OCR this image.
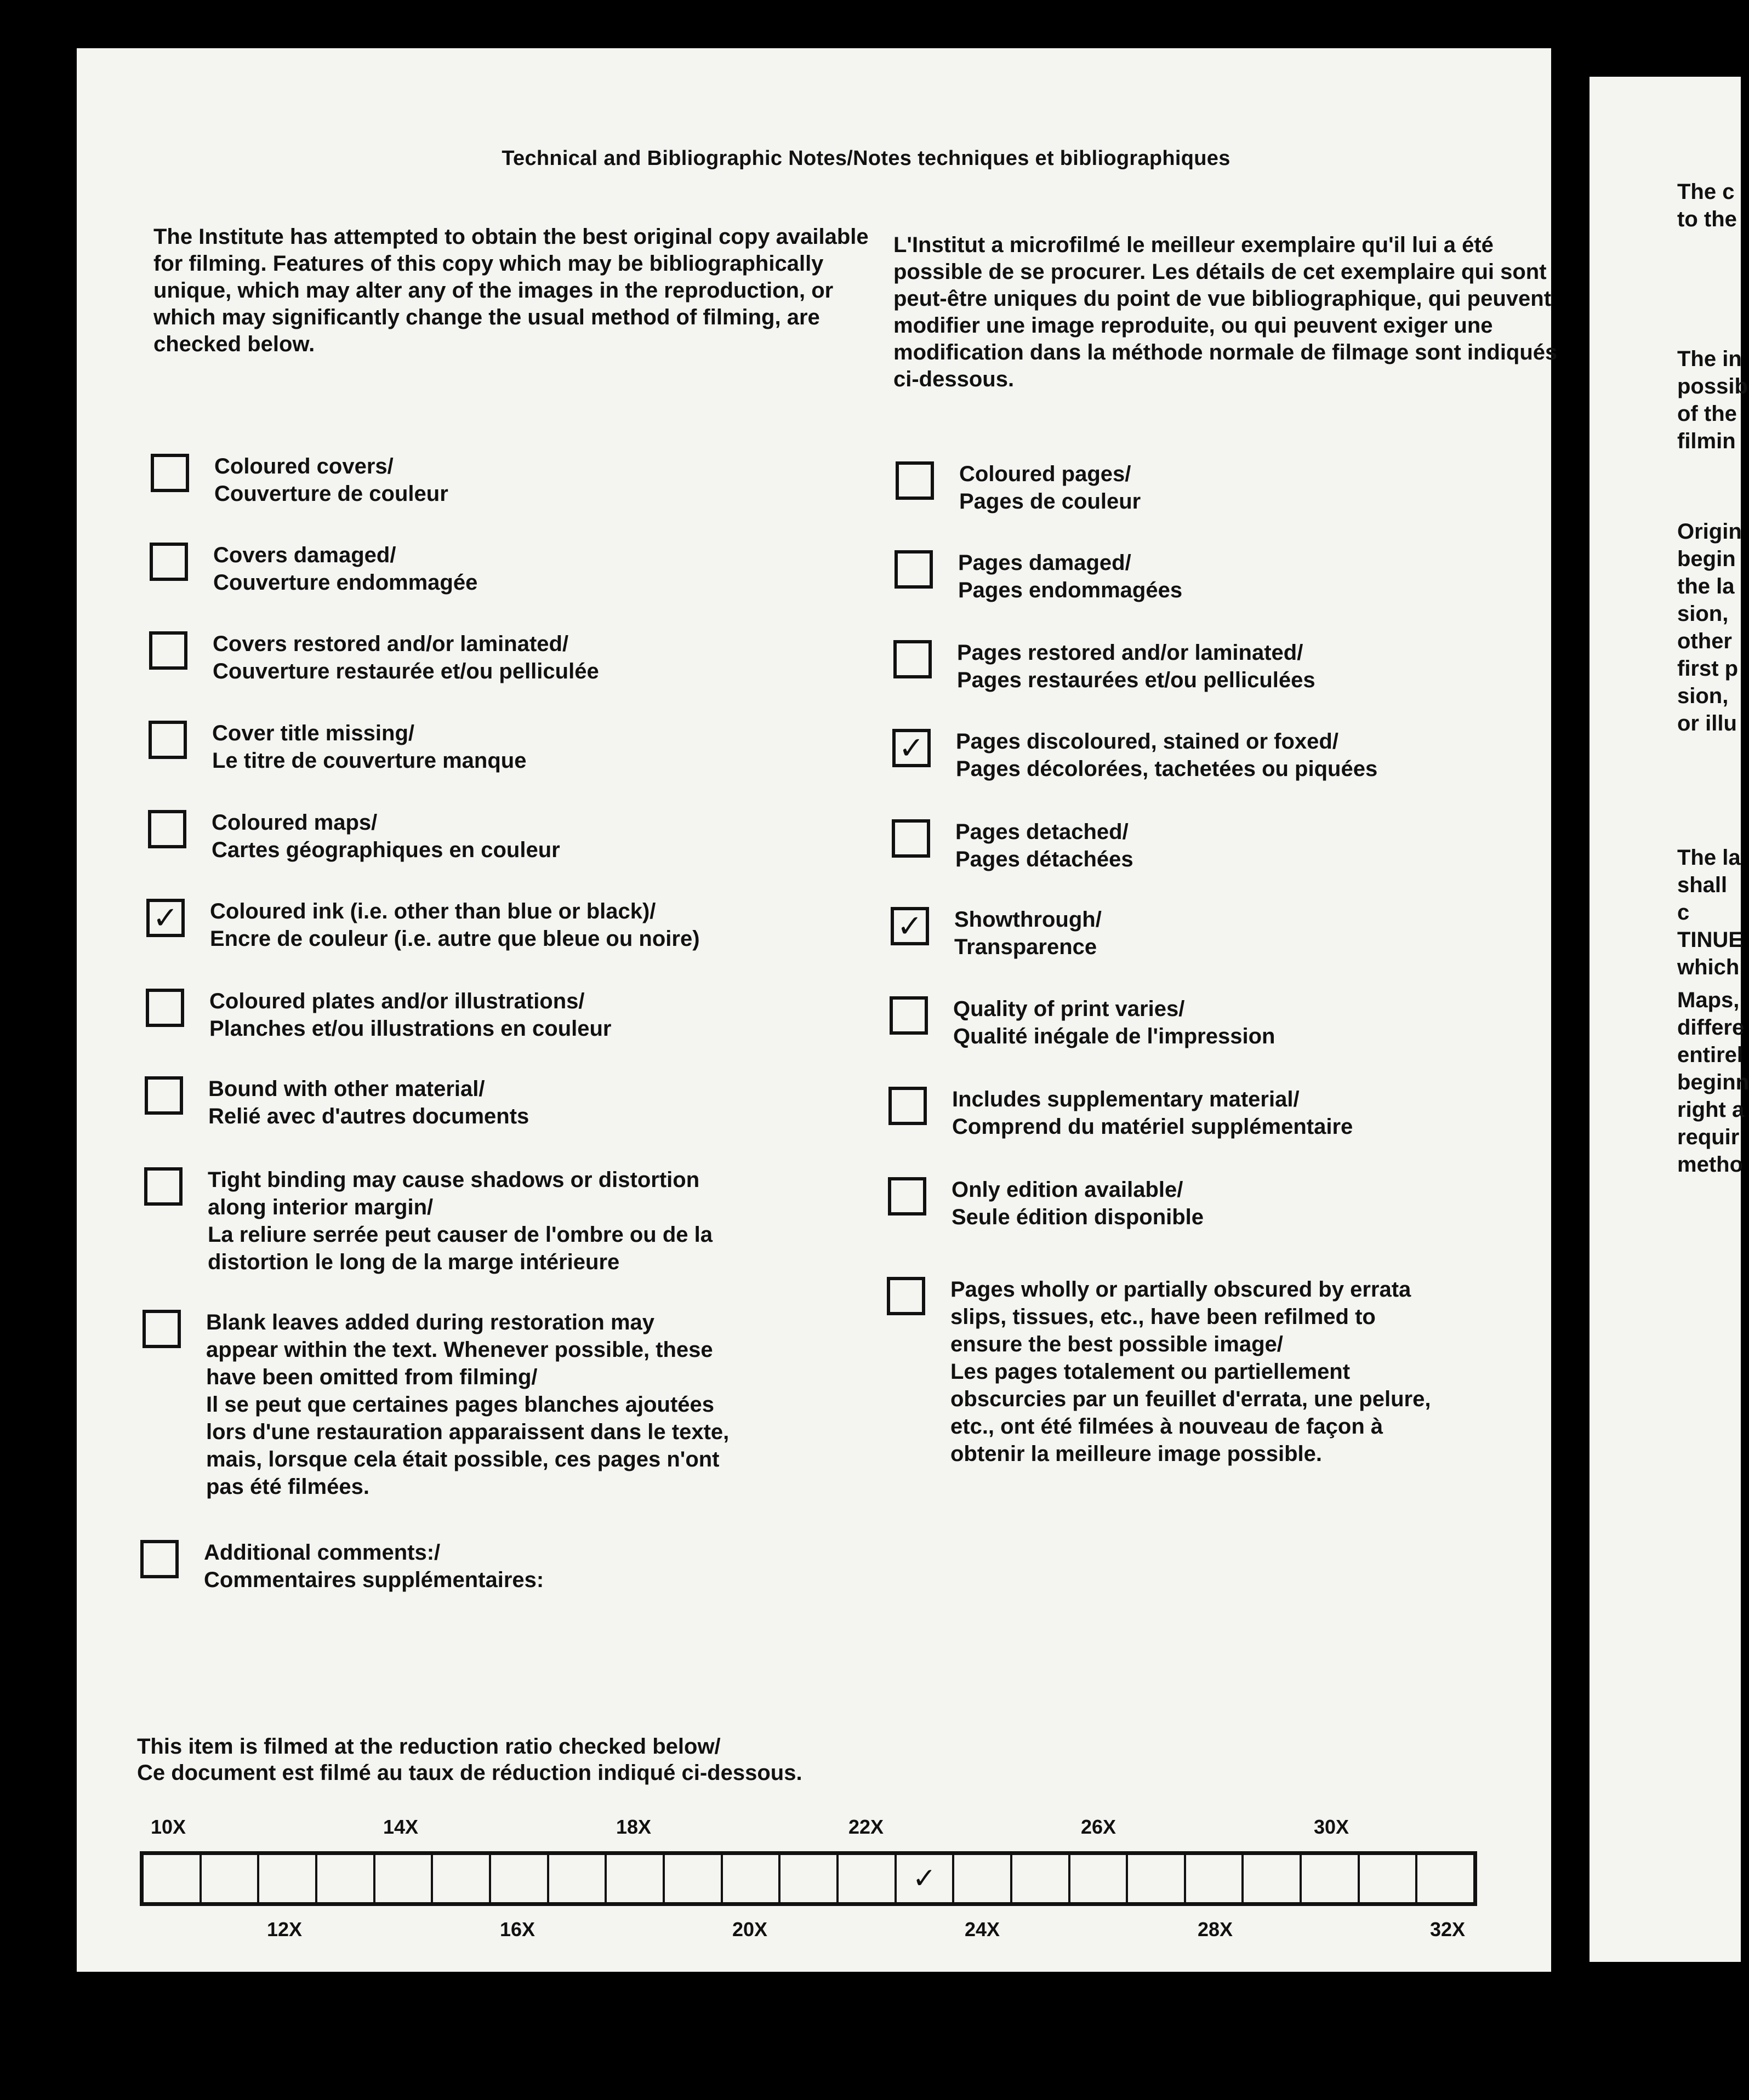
Technical and Bibliographic Notes/Notes techniques et bibliographiques

The Institute has attempted to obtain the best original copy available for filming. Features of this copy which may be bibliographically unique, which may alter any of the images in the reproduction, or which may significantly change the usual method of filming, are checked below.

L'Institut a microfilmé le meilleur exemplaire qu'il lui a été possible de se procurer. Les détails de cet exemplaire qui sont peut-être uniques du point de vue bibliographique, qui peuvent modifier une image reproduite, ou qui peuvent exiger une modification dans la méthode normale de filmage sont indiqués ci-dessous.

Coloured covers/
Couverture de couleur
Covers damaged/
Couverture endommagée
Covers restored and/or laminated/
Couverture restaurée et/ou pelliculée
Cover title missing/
Le titre de couverture manque
Coloured maps/
Cartes géographiques en couleur
✓ Coloured ink (i.e. other than blue or black)/
Encre de couleur (i.e. autre que bleue ou noire)
Coloured plates and/or illustrations/
Planches et/ou illustrations en couleur
Bound with other material/
Relié avec d'autres documents
Tight binding may cause shadows or distortion
along interior margin/
La reliure serrée peut causer de l'ombre ou de la
distortion le long de la marge intérieure
Blank leaves added during restoration may
appear within the text. Whenever possible, these
have been omitted from filming/
Il se peut que certaines pages blanches ajoutées
lors d'une restauration apparaissent dans le texte,
mais, lorsque cela était possible, ces pages n'ont
pas été filmées.
Additional comments:/
Commentaires supplémentaires:
Coloured pages/
Pages de couleur
Pages damaged/
Pages endommagées
Pages restored and/or laminated/
Pages restaurées et/ou pelliculées
✓ Pages discoloured, stained or foxed/
Pages décolorées, tachetées ou piquées
Pages detached/
Pages détachées
✓ Showthrough/
Transparence
Quality of print varies/
Qualité inégale de l'impression
Includes supplementary material/
Comprend du matériel supplémentaire
Only edition available/
Seule édition disponible
Pages wholly or partially obscured by errata
slips, tissues, etc., have been refilmed to
ensure the best possible image/
Les pages totalement ou partiellement
obscurcies par un feuillet d'errata, une pelure,
etc., ont été filmées à nouveau de façon à
obtenir la meilleure image possible.
This item is filmed at the reduction ratio checked below/
Ce document est filmé au taux de réduction indiqué ci-dessous.
10X	14X	18X	22X	26X	30X
✓
12X	16X	20X	24X	28X	32X
The c
to the
The in
possib
of the
filmin
Origin
begin
the la
sion,
other
first p
sion,
or illu
The la
shall c
TINUE
which
Maps,
differe
entirel
beginn
right a
requir
metho
